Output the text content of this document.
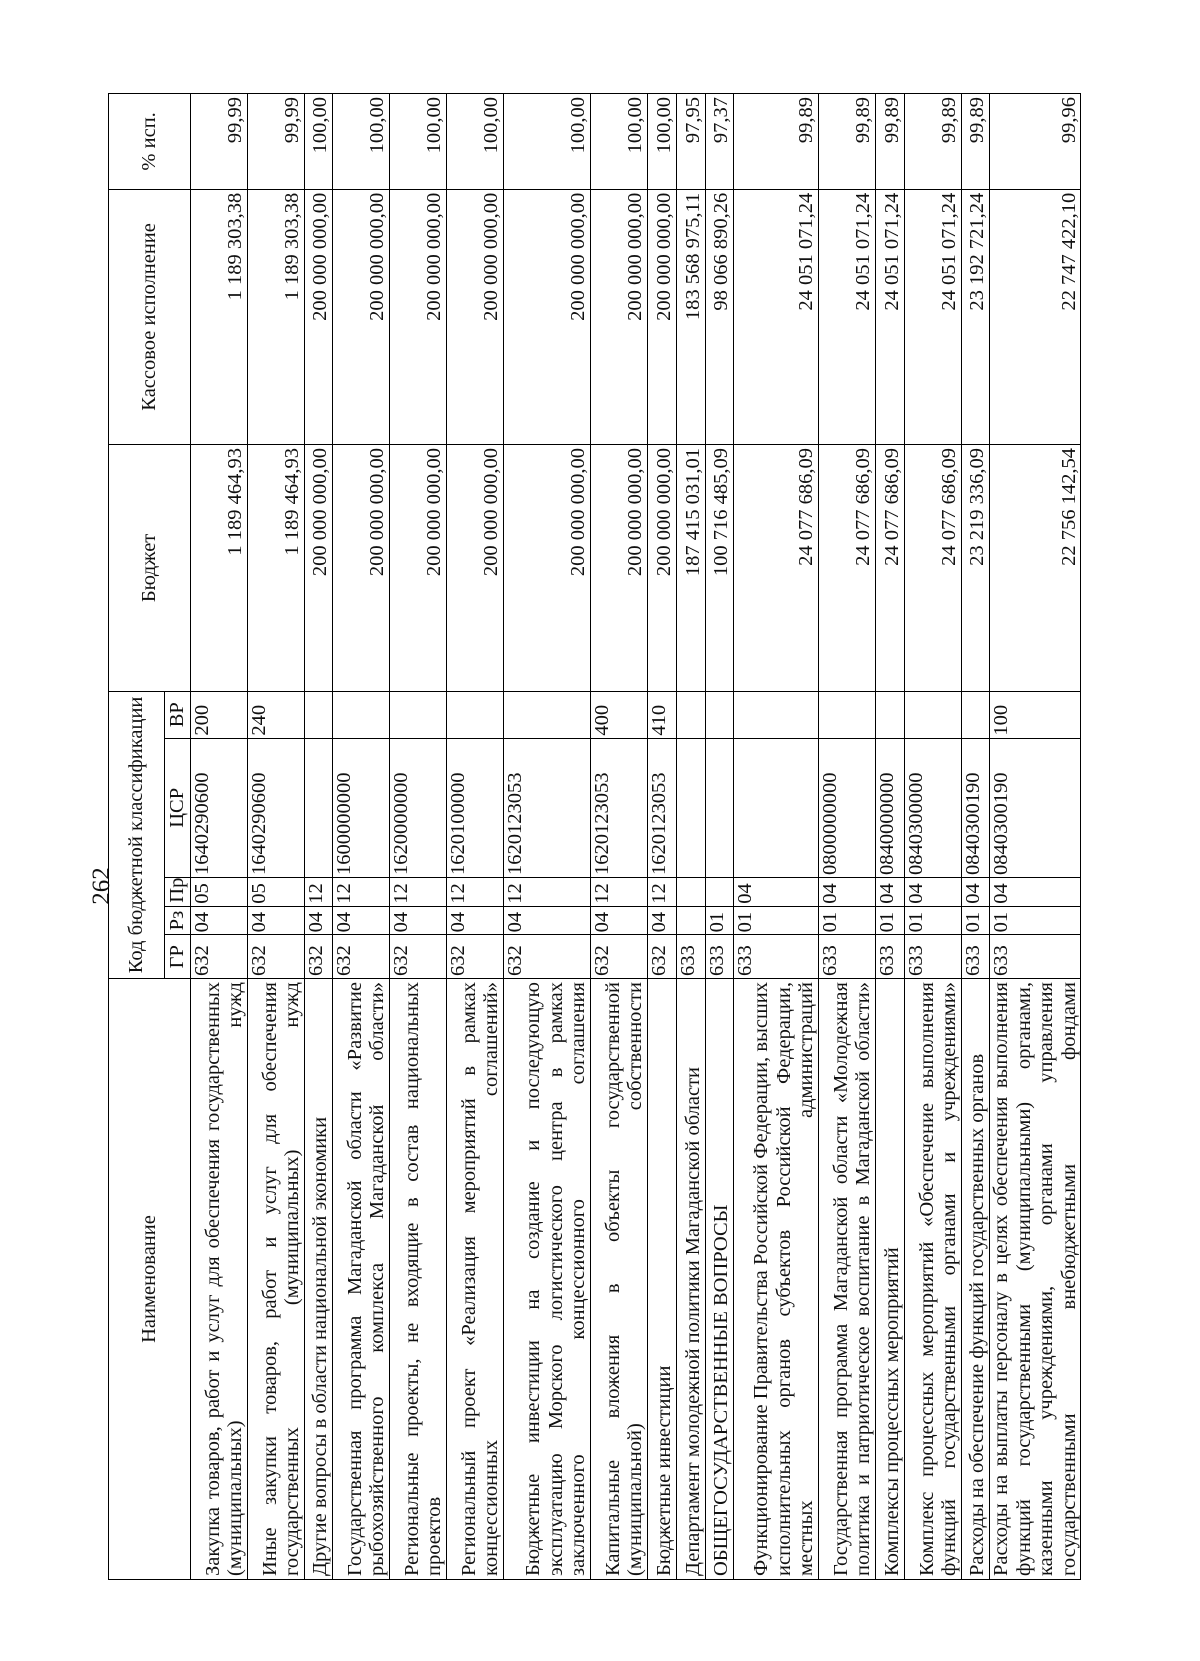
262
Наименование	Код бюджетной классификации					Бюджет	Кассовое исполнение	% исп.
	ГР	Рз	Пр	ЦСР	ВР			
Закупка товаров, работ и услуг для обеспечения государственных (муниципальных) нужд	632	04	05	1640290600	200	1 189 464,93	1 189 303,38	99,99
Иные закупки товаров, работ и услуг для обеспечения государственных (муниципальных) нужд	632	04	05	1640290600	240	1 189 464,93	1 189 303,38	99,99
Другие вопросы в области национальной экономики	632	04	12			200 000 000,00	200 000 000,00	100,00
Государственная программа Магаданской области «Развитие рыбохозяйственного комплекса Магаданской области»	632	04	12	1600000000		200 000 000,00	200 000 000,00	100,00
Региональные проекты, не входящие в состав национальных проектов	632	04	12	1620000000		200 000 000,00	200 000 000,00	100,00
Региональный проект «Реализация мероприятий в рамках концессионных соглашений»	632	04	12	1620100000		200 000 000,00	200 000 000,00	100,00
Бюджетные инвестиции на создание и последующую эксплуатацию Морского логистического центра в рамках заключенного концессионного соглашения	632	04	12	1620123053		200 000 000,00	200 000 000,00	100,00
Капитальные вложения в объекты государственной (муниципальной) собственности	632	04	12	1620123053	400	200 000 000,00	200 000 000,00	100,00
Бюджетные инвестиции	632	04	12	1620123053	410	200 000 000,00	200 000 000,00	100,00
Департамент молодежной политики Магаданской области	633					187 415 031,01	183 568 975,11	97,95
ОБЩЕГОСУДАРСТВЕННЫЕ ВОПРОСЫ	633	01				100 716 485,09	98 066 890,26	97,37
Функционирование Правительства Российской Федерации, высших исполнительных органов субъектов Российской Федерации, местных администраций	633	01	04			24 077 686,09	24 051 071,24	99,89
Государственная программа Магаданской области «Молодежная политика и патриотическое воспитание в Магаданской области»	633	01	04	0800000000		24 077 686,09	24 051 071,24	99,89
Комплексы процессных мероприятий	633	01	04	0840000000		24 077 686,09	24 051 071,24	99,89
Комплекс процессных мероприятий «Обеспечение выполнения функций государственными органами и учреждениями»	633	01	04	0840300000		24 077 686,09	24 051 071,24	99,89
Расходы на обеспечение функций государственных органов	633	01	04	0840300190		23 219 336,09	23 192 721,24	99,89
Расходы на выплаты персоналу в целях обеспечения выполнения функций государственными (муниципальными) органами, казенными учреждениями, органами управления государственными внебюджетными фондами	633	01	04	0840300190	100	22 756 142,54	22 747 422,10	99,96
